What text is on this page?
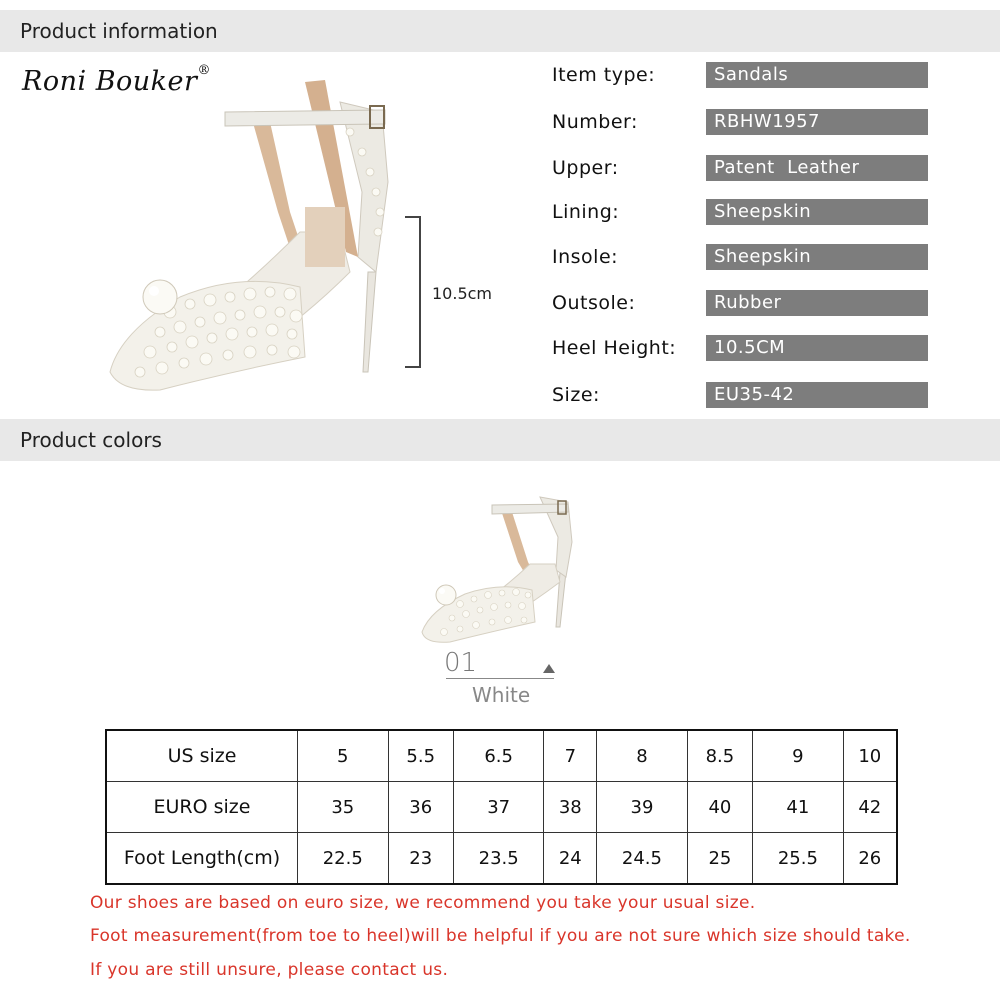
Product information
Roni Bouker®
10.5cm
Item type:	Sandals
Number:	RBHW1957
Upper:	Patent  Leather
Lining:	Sheepskin
Insole:	Sheepskin
Outsole:	Rubber
Heel Height:	10.5CM
Size:	EU35-42
Product colors
01
White
US size	5	5.5	6.5	7	8	8.5	9	10
EURO size	35	36	37	38	39	40	41	42
Foot Length(cm)	22.5	23	23.5	24	24.5	25	25.5	26
Our shoes are based on euro size, we recommend you take your usual size.
Foot measurement(from toe to heel)will be helpful if you are not sure which size should take.
If you are still unsure, please contact us.
